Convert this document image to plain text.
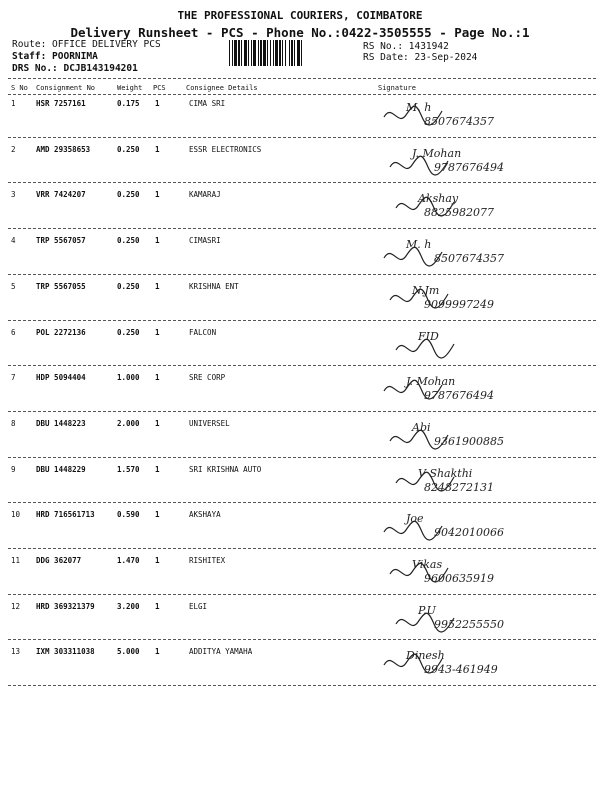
THE PROFESSIONAL COURIERS, COIMBATORE
Delivery Runsheet - PCS - Phone No.:0422-3505555 - Page No.:1
Route: OFFICE DELIVERY PCS
Staff: POORNIMA
DRS No.: DCJB143194201
RS No.: 1431942
RS Date: 23-Sep-2024
S No Consignment No	Weight PCS	Consignee Details	Signature
1	HSR 7257161	0.175 1	CIMA SRI	M. h
8507674357
2	AMD 29358653	0.250 1	ESSR ELECTRONICS	J. Mohan
9787676494
3	VRR 7424207	0.250 1	KAMARAJ	Akshay
8825982077
4	TRP 5567057	0.250 1	CIMASRI	M. h
8507674357
5	TRP 5567055	0.250 1	KRISHNA ENT	N.Jm
9099997249
6	POL 2272136	0.250 1	FALCON	FID
7	HDP 5094404	1.000 1	SRE CORP	J. Mohan
9787676494
8	DBU 1448223	2.000 1	UNIVERSEL	Abi
9361900885
9	DBU 1448229	1.570 1	SRI KRISHNA AUTO	V Shakthi
8248272131
10 HRD 716561713	0.590 1	AKSHAYA	Joe
9042010066
11 DDG 362077	1.470 1	RISHITEX	Vikas
9600635919
12 HRD 369321379	3.200 1	ELGI	P.U
9952255550
13 IXM 303311038	5.000 1	ADDITYA YAMAHA	Dinesh
9943-461949
